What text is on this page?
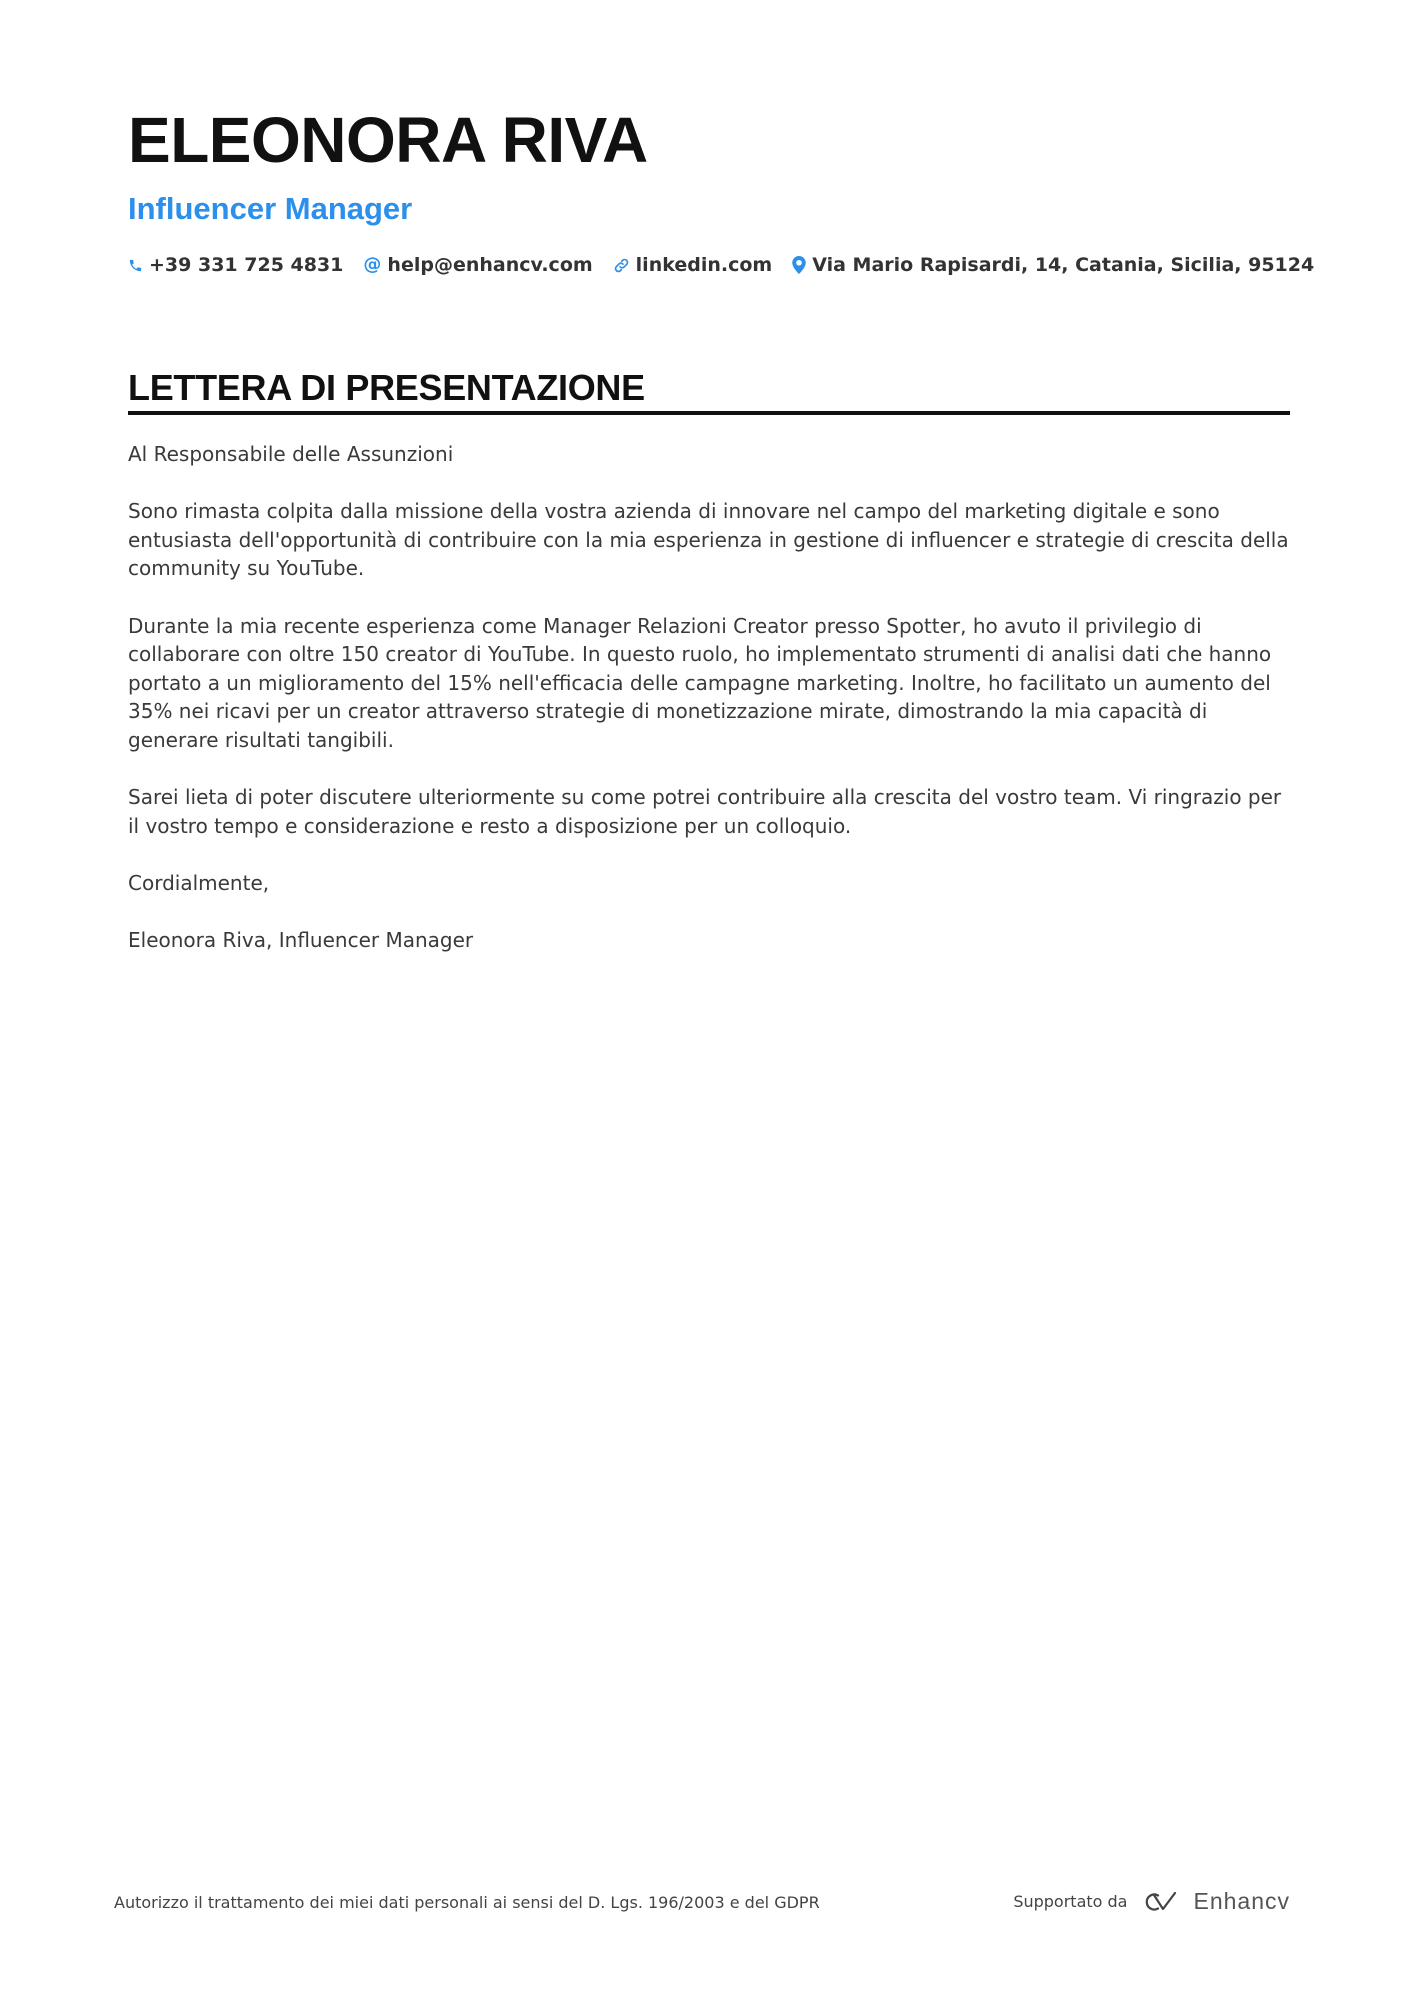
ELEONORA RIVA
Influencer Manager
+39 331 725 4831 @ help@enhancv.com linkedin.com Via Mario Rapisardi, 14, Catania, Sicilia, 95124
LETTERA DI PRESENTAZIONE

Al Responsabile delle Assunzioni

Sono rimasta colpita dalla missione della vostra azienda di innovare nel campo del marketing digitale e sono entusiasta dell'opportunità di contribuire con la mia esperienza in gestione di influencer e strategie di crescita della community su YouTube.

Durante la mia recente esperienza come Manager Relazioni Creator presso Spotter, ho avuto il privilegio di collaborare con oltre 150 creator di YouTube. In questo ruolo, ho implementato strumenti di analisi dati che hanno portato a un miglioramento del 15% nell'efficacia delle campagne marketing. Inoltre, ho facilitato un aumento del 35% nei ricavi per un creator attraverso strategie di monetizzazione mirate, dimostrando la mia capacità di generare risultati tangibili.

Sarei lieta di poter discutere ulteriormente su come potrei contribuire alla crescita del vostro team. Vi ringrazio per il vostro tempo e considerazione e resto a disposizione per un colloquio.

Cordialmente,

Eleonora Riva, Influencer Manager

Autorizzo il trattamento dei miei dati personali ai sensi del D. Lgs. 196/2003 e del GDPR	Supportato da	Enhancv
